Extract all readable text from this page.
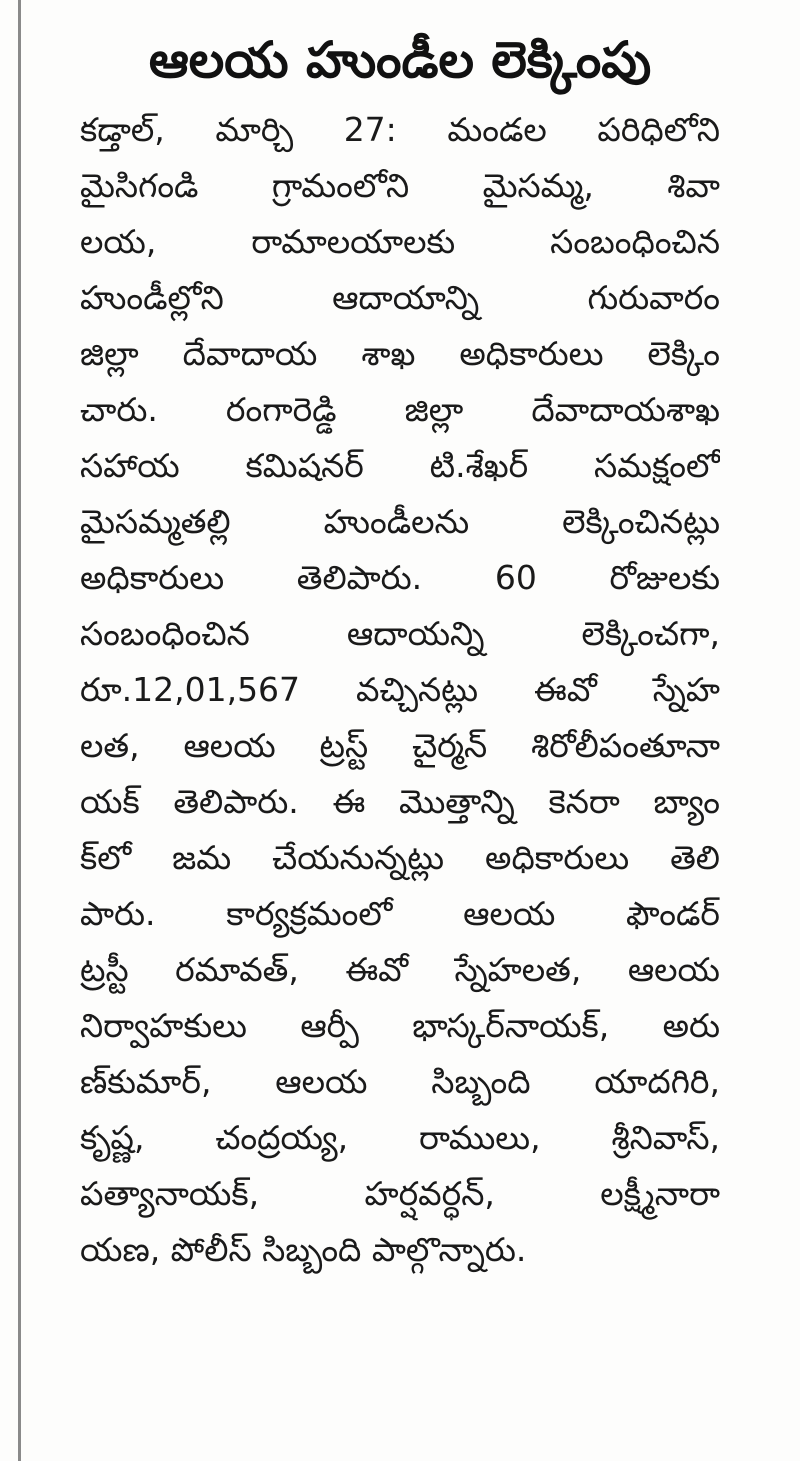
ఆలయ హుండీల లెక్కింపు
కడ్తాల్, మార్చి 27: మండల పరిధిలోని
మైసిగండి గ్రామంలోని మైసమ్మ, శివా
లయ, రామాలయాలకు సంబంధించిన
హుండీల్లోని ఆదాయాన్ని గురువారం
జిల్లా దేవాదాయ శాఖ అధికారులు లెక్కిం
చారు. రంగారెడ్డి జిల్లా దేవాదాయశాఖ
సహాయ కమిషనర్ టి.శేఖర్ సమక్షంలో
మైసమ్మతల్లి హుండీలను లెక్కించినట్లు
అధికారులు తెలిపారు. 60 రోజులకు
సంబంధించిన ఆదాయన్ని లెక్కించగా,
రూ.12,01,567 వచ్చినట్లు ఈవో స్నేహ
లత, ఆలయ ట్రస్ట్ చైర్మన్ శిరోలీపంతూనా
యక్ తెలిపారు. ఈ మొత్తాన్ని కెనరా బ్యాం
క్‌లో జమ చేయనున్నట్లు అధికారులు తెలి
పారు. కార్యక్రమంలో ఆలయ ఫౌండర్
ట్రస్టీ రమావత్, ఈవో స్నేహలత, ఆలయ
నిర్వాహకులు ఆర్పీ భాస్కర్‌నాయక్, అరు
ణ్‌కుమార్, ఆలయ సిబ్బంది యాదగిరి,
కృష్ణ, చంద్రయ్య, రాములు, శ్రీనివాస్,
పత్యానాయక్, హర్షవర్ధన్, లక్ష్మీనారా
యణ, పోలీస్ సిబ్బంది పాల్గొన్నారు.
